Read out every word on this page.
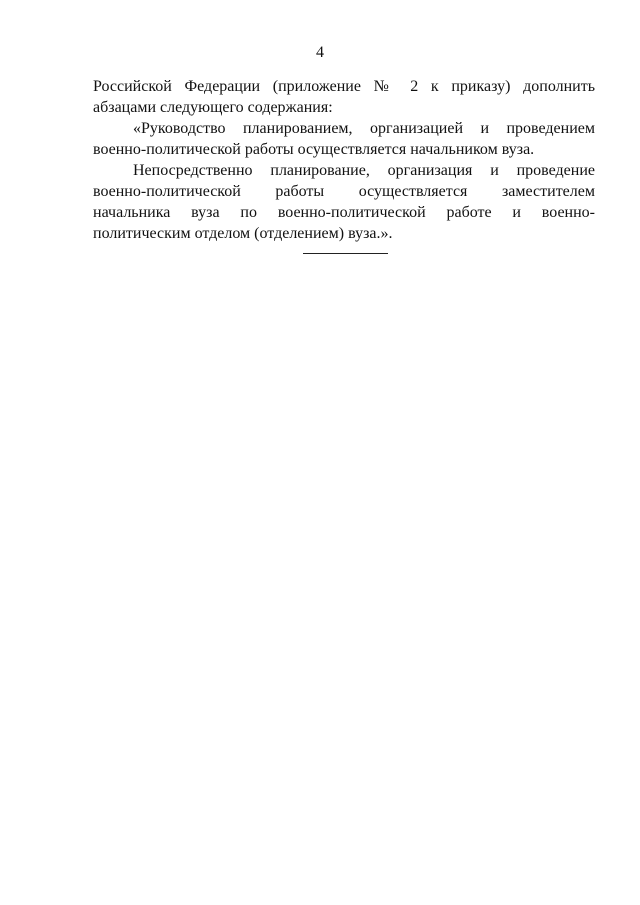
4
Российской Федерации (приложение № 2 к приказу) дополнить
абзацами следующего содержания:
«Руководство планированием, организацией и проведением
военно-политической работы осуществляется начальником вуза.
Непосредственно планирование, организация и проведение
военно-политической работы осуществляется заместителем
начальника вуза по военно-политической работе и военно-
политическим отделом (отделением) вуза.».
